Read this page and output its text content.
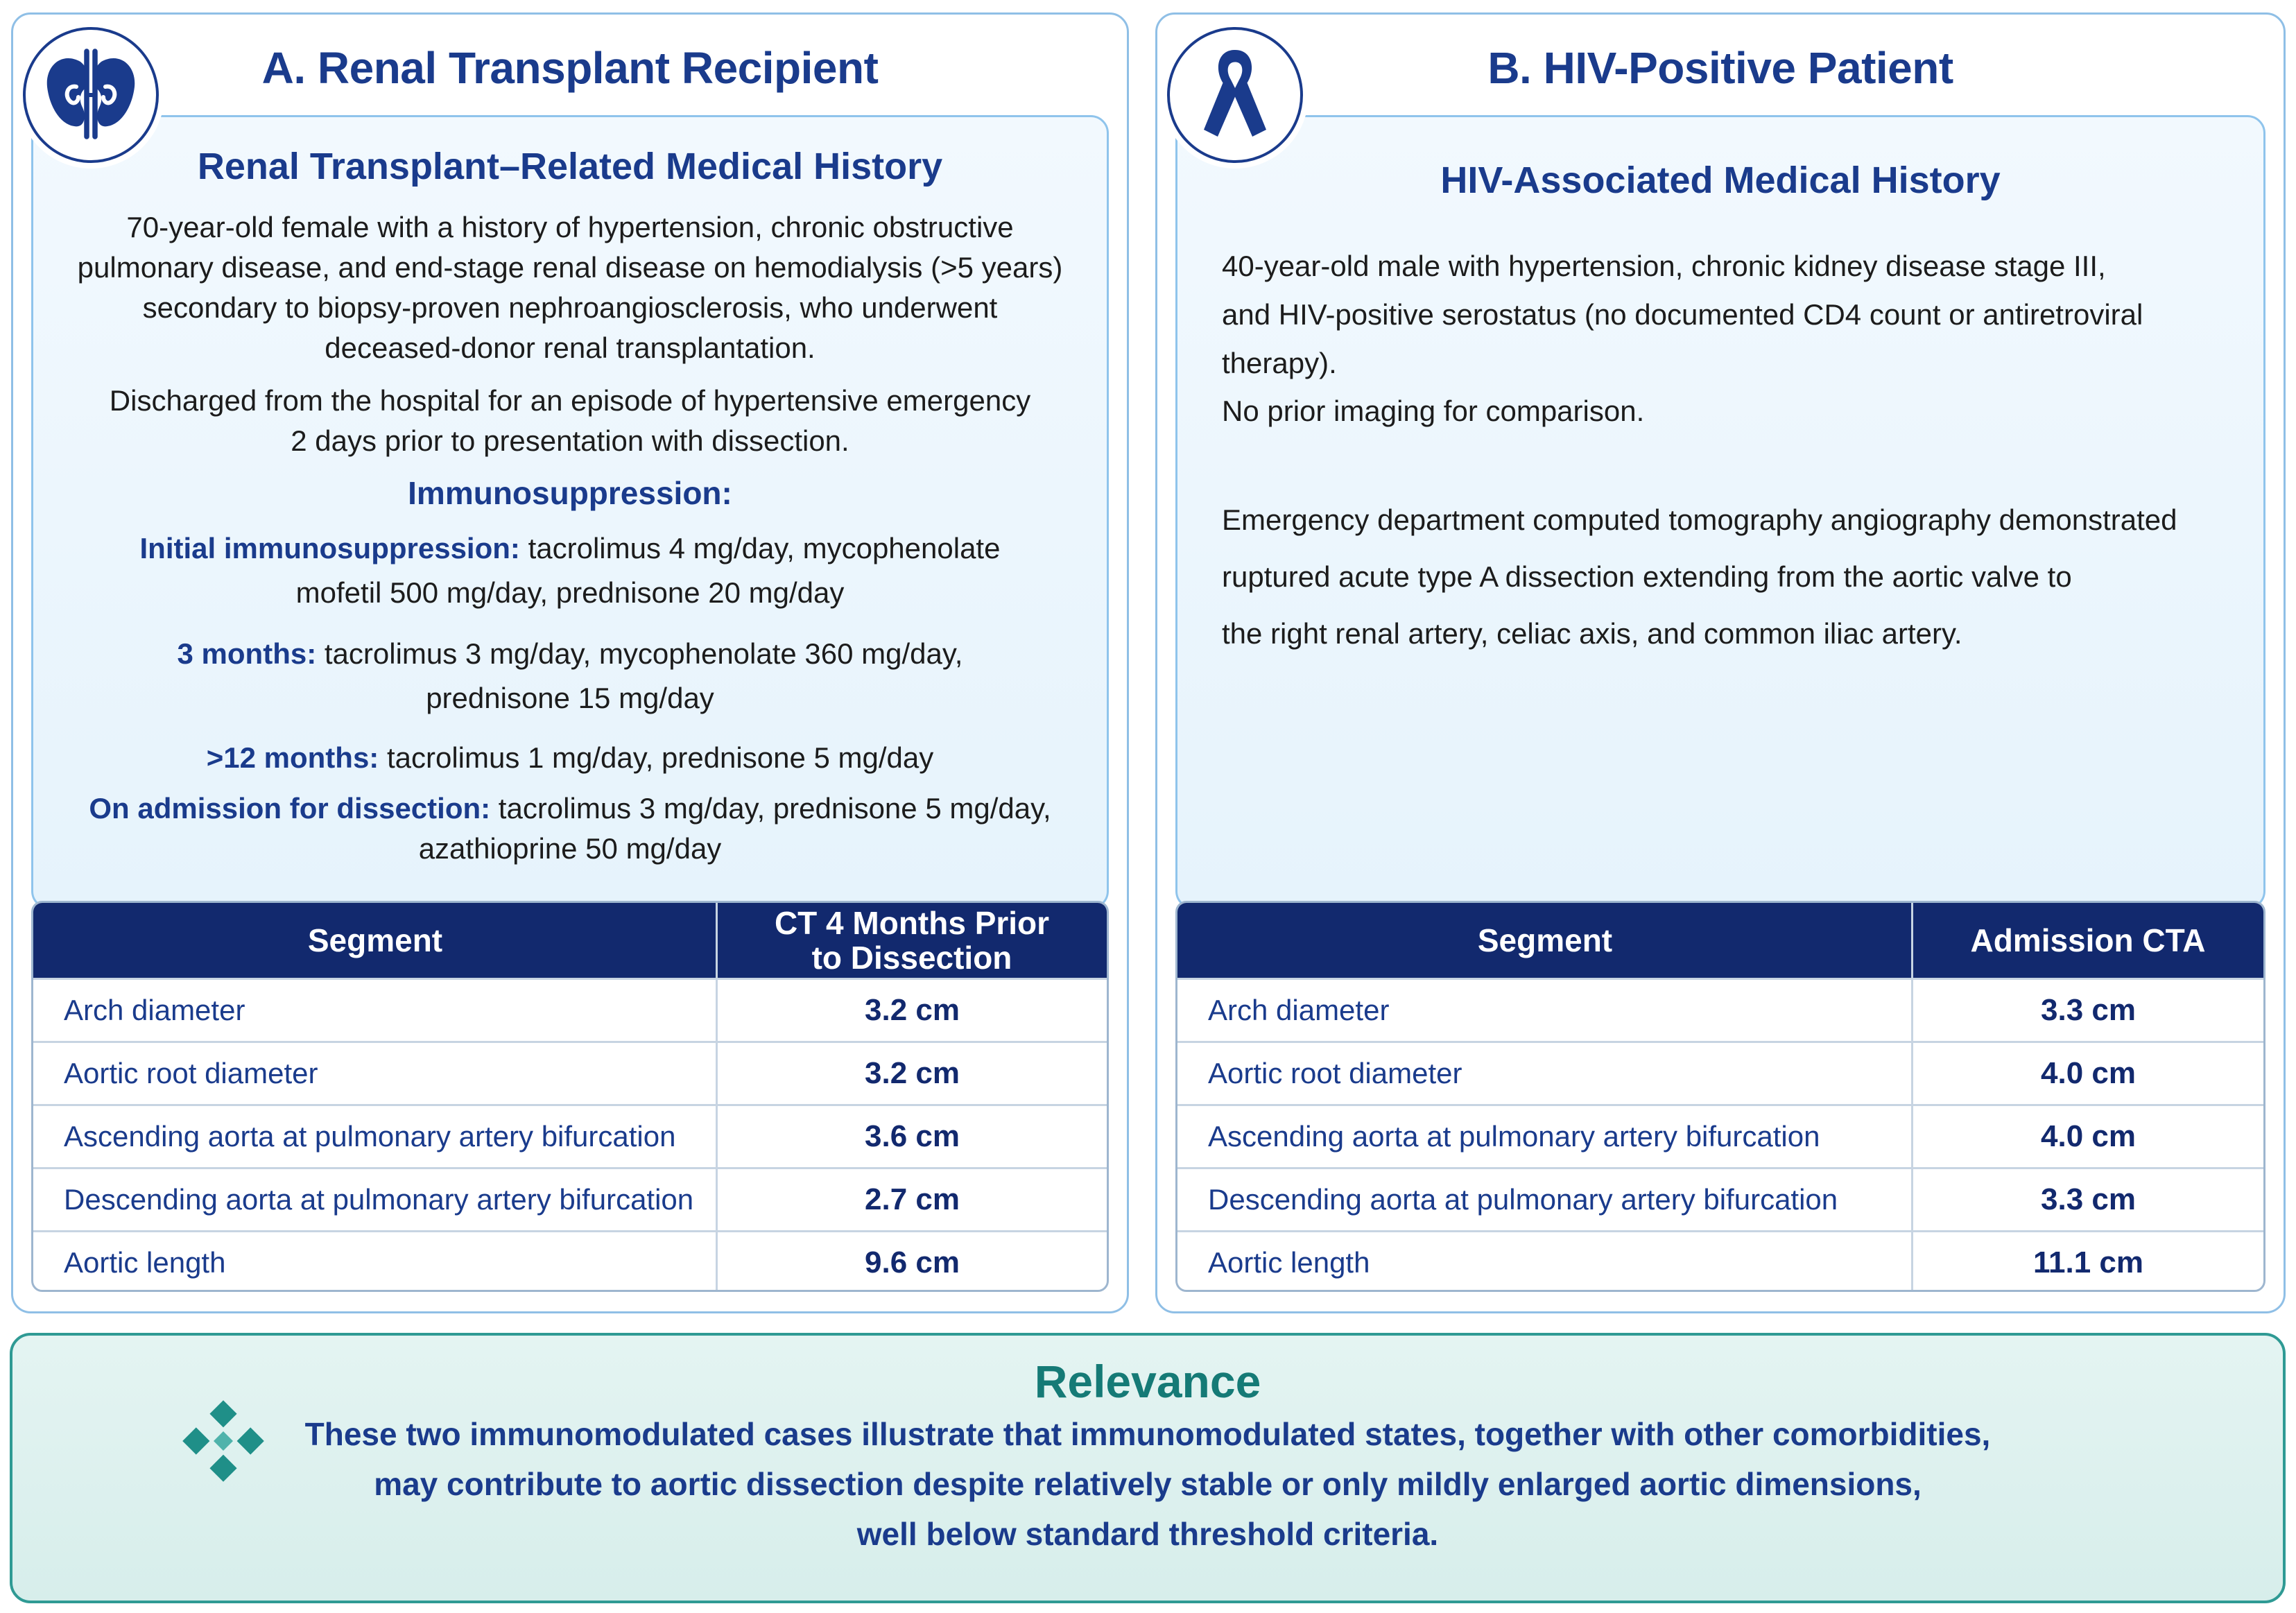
A. Renal Transplant Recipient
Renal Transplant–Related Medical History
70-year-old female with a history of hypertension, chronic obstructive
pulmonary disease, and end-stage renal disease on hemodialysis (>5 years)
secondary to biopsy-proven nephroangiosclerosis, who underwent
deceased-donor renal transplantation.
Discharged from the hospital for an episode of hypertensive emergency
2 days prior to presentation with dissection.
Immunosuppression:
Initial immunosuppression: tacrolimus 4 mg/day, mycophenolate
mofetil 500 mg/day, prednisone 20 mg/day
3 months: tacrolimus 3 mg/day, mycophenolate 360 mg/day,
prednisone 15 mg/day
>12 months: tacrolimus 1 mg/day, prednisone 5 mg/day
On admission for dissection: tacrolimus 3 mg/day, prednisone 5 mg/day,
azathioprine 50 mg/day
Segment	CT 4 Months Prior
to Dissection
Arch diameter	3.2 cm
Aortic root diameter	3.2 cm
Ascending aorta at pulmonary artery bifurcation	3.6 cm
Descending aorta at pulmonary artery bifurcation	2.7 cm
Aortic length	9.6 cm
B. HIV-Positive Patient
HIV-Associated Medical History
40-year-old male with hypertension, chronic kidney disease stage III,
and HIV-positive serostatus (no documented CD4 count or antiretroviral therapy).
No prior imaging for comparison.
Emergency department computed tomography angiography demonstrated
ruptured acute type A dissection extending from the aortic valve to
the right renal artery, celiac axis, and common iliac artery.
Segment	Admission CTA
Arch diameter	3.3 cm
Aortic root diameter	4.0 cm
Ascending aorta at pulmonary artery bifurcation	4.0 cm
Descending aorta at pulmonary artery bifurcation	3.3 cm
Aortic length	11.1 cm
Relevance
These two immunomodulated cases illustrate that immunomodulated states, together with other comorbidities,
may contribute to aortic dissection despite relatively stable or only mildly enlarged aortic dimensions,
well below standard threshold criteria.
